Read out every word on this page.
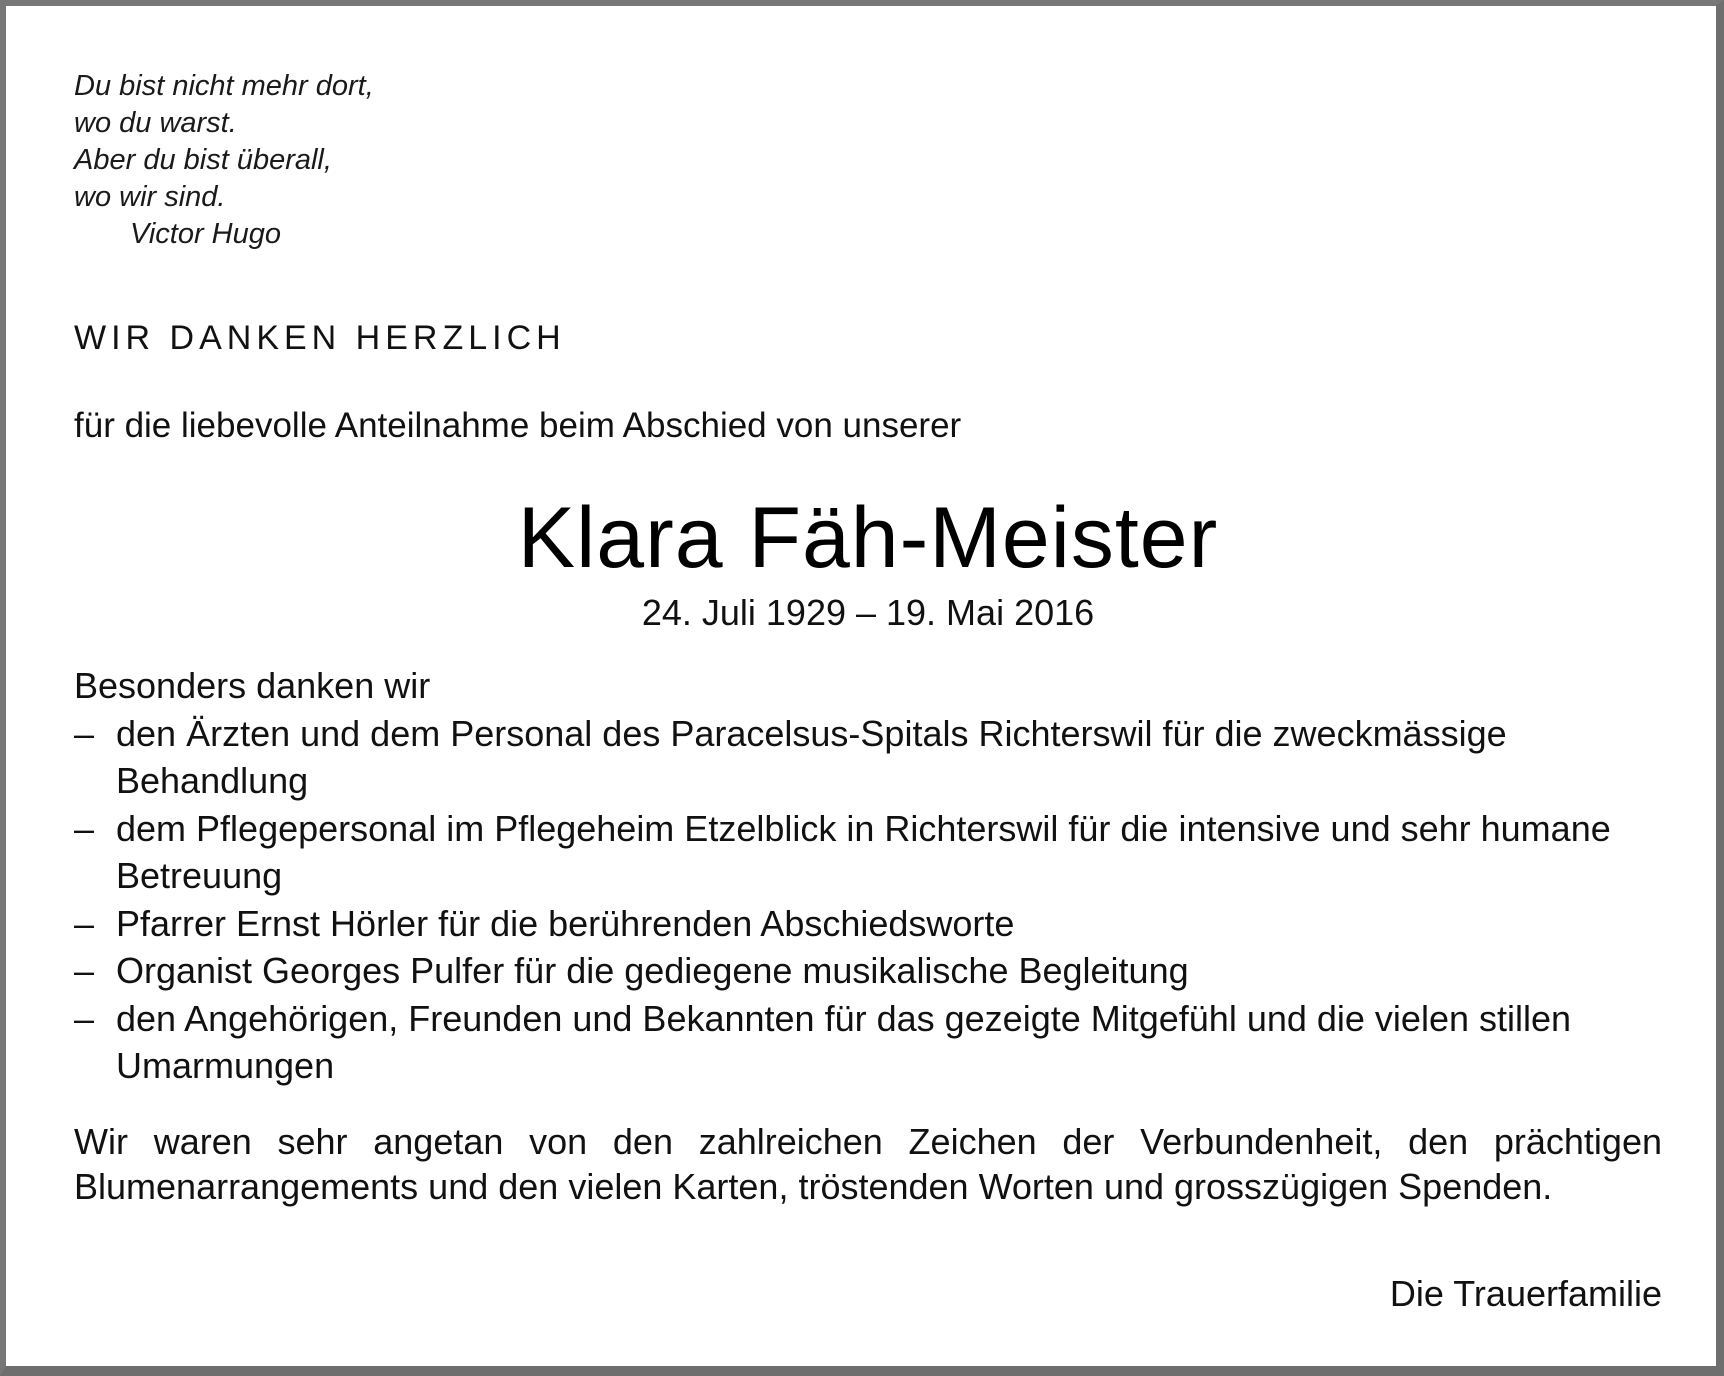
Du bist nicht mehr dort,
wo du warst.
Aber du bist überall,
wo wir sind.
Victor Hugo
WIR DANKEN HERZLICH
für die liebevolle Anteilnahme beim Abschied von unserer
Klara Fäh-Meister
24. Juli 1929 – 19. Mai 2016
Besonders danken wir
– den Ärzten und dem Personal des Paracelsus-Spitals Richterswil für die zweckmässige Behandlung
– dem Pflegepersonal im Pflegeheim Etzelblick in Richterswil für die intensive und sehr humane Betreuung
– Pfarrer Ernst Hörler für die berührenden Abschiedsworte
– Organist Georges Pulfer für die gediegene musikalische Begleitung
– den Angehörigen, Freunden und Bekannten für das gezeigte Mitgefühl und die vielen stillen Umarmungen
Wir waren sehr angetan von den zahlreichen Zeichen der Verbundenheit, den prächtigen Blumenarrangements und den vielen Karten, tröstenden Worten und grosszügigen Spenden.
Die Trauerfamilie
